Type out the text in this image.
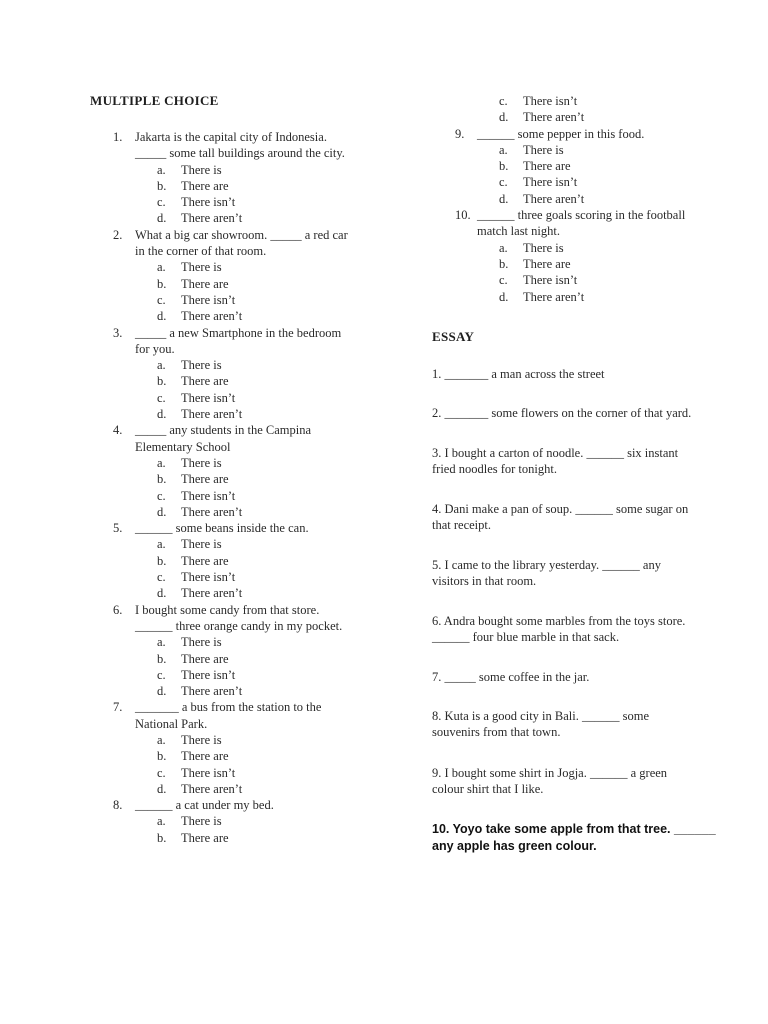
MULTIPLE CHOICE
1. Jakarta is the capital city of Indonesia.
_____ some tall buildings around the city.
a. There is
b. There are
c. There isn’t
d. There aren’t
2. What a big car showroom. _____ a red car
in the corner of that room.
a. There is
b. There are
c. There isn’t
d. There aren’t
3. _____ a new Smartphone in the bedroom
for you.
a. There is
b. There are
c. There isn’t
d. There aren’t
4. _____ any students in the Campina
Elementary School
a. There is
b. There are
c. There isn’t
d. There aren’t
5. ______ some beans inside the can.
a. There is
b. There are
c. There isn’t
d. There aren’t
6. I bought some candy from that store.
______ three orange candy in my pocket.
a. There is
b. There are
c. There isn’t
d. There aren’t
7. _______ a bus from the station to the
National Park.
a. There is
b. There are
c. There isn’t
d. There aren’t
8. ______ a cat under my bed.
a. There is
b. There are
c. There isn’t
d. There aren’t
9. ______ some pepper in this food.
a. There is
b. There are
c. There isn’t
d. There aren’t
10. ______ three goals scoring in the football
match last night.
a. There is
b. There are
c. There isn’t
d. There aren’t
ESSAY
1. _______ a man across the street
2. _______ some flowers on the corner of that yard.
3. I bought a carton of noodle. ______ six instant
fried noodles for tonight.
4. Dani make a pan of soup. ______ some sugar on
that receipt.
5. I came to the library yesterday. ______ any
visitors in that room.
6. Andra bought some marbles from the toys store.
______ four blue marble in that sack.
7. _____ some coffee in the jar.
8. Kuta is a good city in Bali. ______ some
souvenirs from that town.
9. I bought some shirt in Jogja. ______ a green
colour shirt that I like.
10. Yoyo take some apple from that tree. ______
any apple has green colour.
